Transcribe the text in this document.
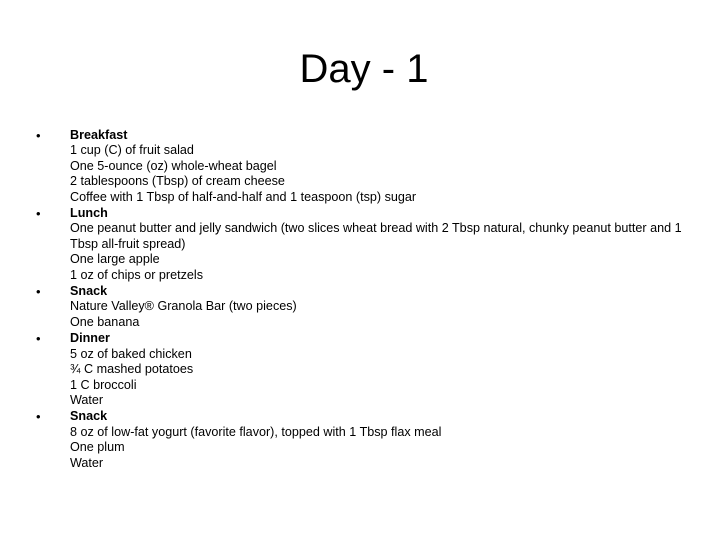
Day - 1
•	Breakfast
1 cup (C) of fruit salad
One 5-ounce (oz) whole-wheat bagel
2 tablespoons (Tbsp) of cream cheese
Coffee with 1 Tbsp of half-and-half and 1 teaspoon (tsp) sugar
•	Lunch
One peanut butter and jelly sandwich (two slices wheat bread with 2 Tbsp natural, chunky peanut butter and 1 Tbsp all-fruit spread)
One large apple
1 oz of chips or pretzels
•	Snack
Nature Valley® Granola Bar (two pieces)
One banana
•	Dinner
5 oz of baked chicken
¾ C mashed potatoes
1 C broccoli
Water
•	Snack
8 oz of low-fat yogurt (favorite flavor), topped with 1 Tbsp flax meal
One plum
Water
